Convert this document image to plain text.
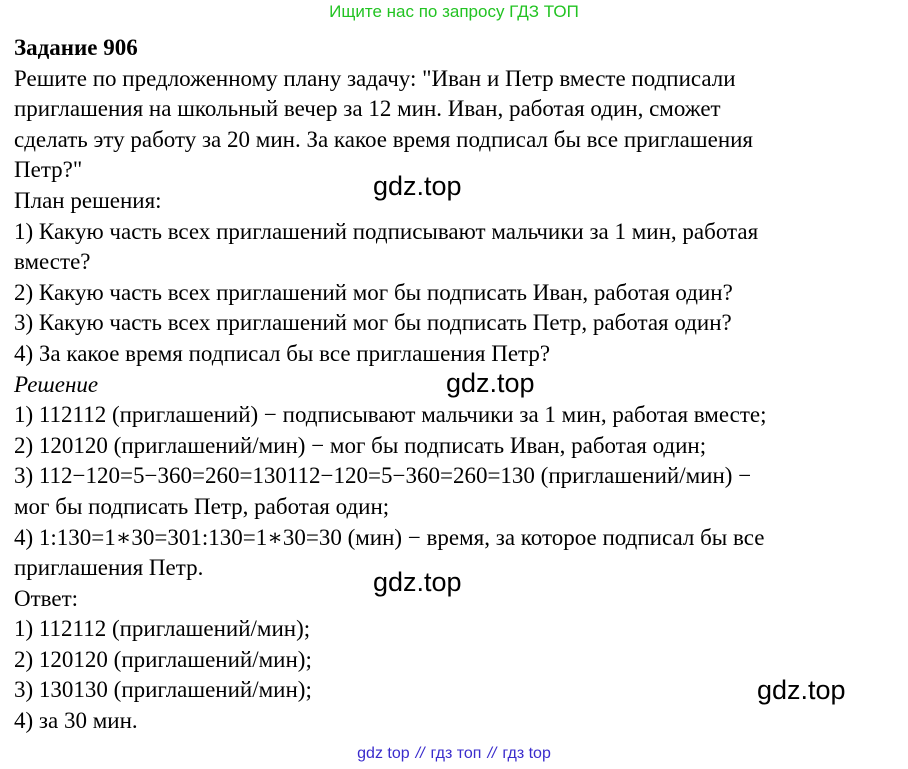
Ищите нас по запросу ГДЗ ТОП
Задание 906
Решите по предложенному плану задачу: "Иван и Петр вместе подписали
приглашения на школьный вечер за 12 мин. Иван, работая один, сможет
сделать эту работу за 20 мин. За какое время подписал бы все приглашения
Петр?"
План решения:
1) Какую часть всех приглашений подписывают мальчики за 1 мин, работая
вместе?
2) Какую часть всех приглашений мог бы подписать Иван, работая один?
3) Какую часть всех приглашений мог бы подписать Петр, работая один?
4) За какое время подписал бы все приглашения Петр?
Решение
1) 112112 (приглашений) − подписывают мальчики за 1 мин, работая вместе;
2) 120120 (приглашений/мин) − мог бы подписать Иван, работая один;
3) 112−120=5−360=260=130112−120=5−360=260=130 (приглашений/мин) −
мог бы подписать Петр, работая один;
4) 1:130=1∗30=301:130=1∗30=30 (мин) − время, за которое подписал бы все
приглашения Петр.
Ответ:
1) 112112 (приглашений/мин);
2) 120120 (приглашений/мин);
3) 130130 (приглашений/мин);
4) за 30 мин.
gdz.top
gdz.top
gdz.top
gdz.top
gdz top // гдз топ // гдз top
